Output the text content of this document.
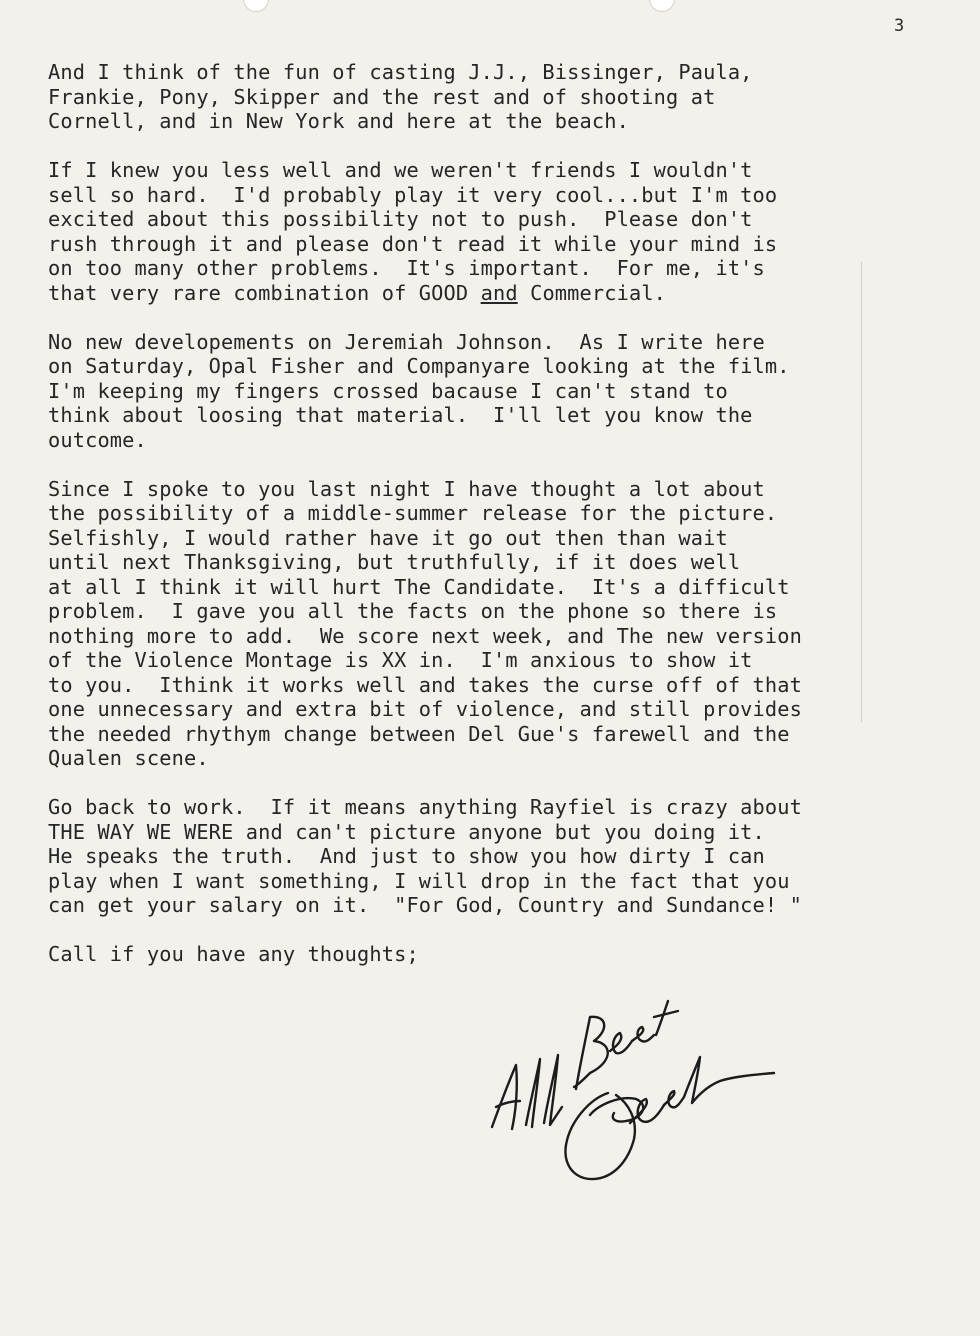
3
And I think of the fun of casting J.J., Bissinger, Paula,
Frankie, Pony, Skipper and the rest and of shooting at
Cornell, and in New York and here at the beach.
If I knew you less well and we weren't friends I wouldn't
sell so hard.  I'd probably play it very cool...but I'm too
excited about this possibility not to push.  Please don't
rush through it and please don't read it while your mind is
on too many other problems.  It's important.  For me, it's
that very rare combination of GOOD and Commercial.
No new developements on Jeremiah Johnson.  As I write here
on Saturday, Opal Fisher and Companyare looking at the film.
I'm keeping my fingers crossed bacause I can't stand to
think about loosing that material.  I'll let you know the
outcome.
Since I spoke to you last night I have thought a lot about
the possibility of a middle-summer release for the picture.
Selfishly, I would rather have it go out then than wait
until next Thanksgiving, but truthfully, if it does well
at all I think it will hurt The Candidate.  It's a difficult
problem.  I gave you all the facts on the phone so there is
nothing more to add.  We score next week, and The new version
of the Violence Montage is XX in.  I'm anxious to show it
to you.  Ithink it works well and takes the curse off of that
one unnecessary and extra bit of violence, and still provides
the needed rhythym change between Del Gue's farewell and the
Qualen scene.
Go back to work.  If it means anything Rayfiel is crazy about
THE WAY WE WERE and can't picture anyone but you doing it.
He speaks the truth.  And just to show you how dirty I can
play when I want something, I will drop in the fact that you
can get your salary on it.  "For God, Country and Sundance! "
Call if you have any thoughts;
